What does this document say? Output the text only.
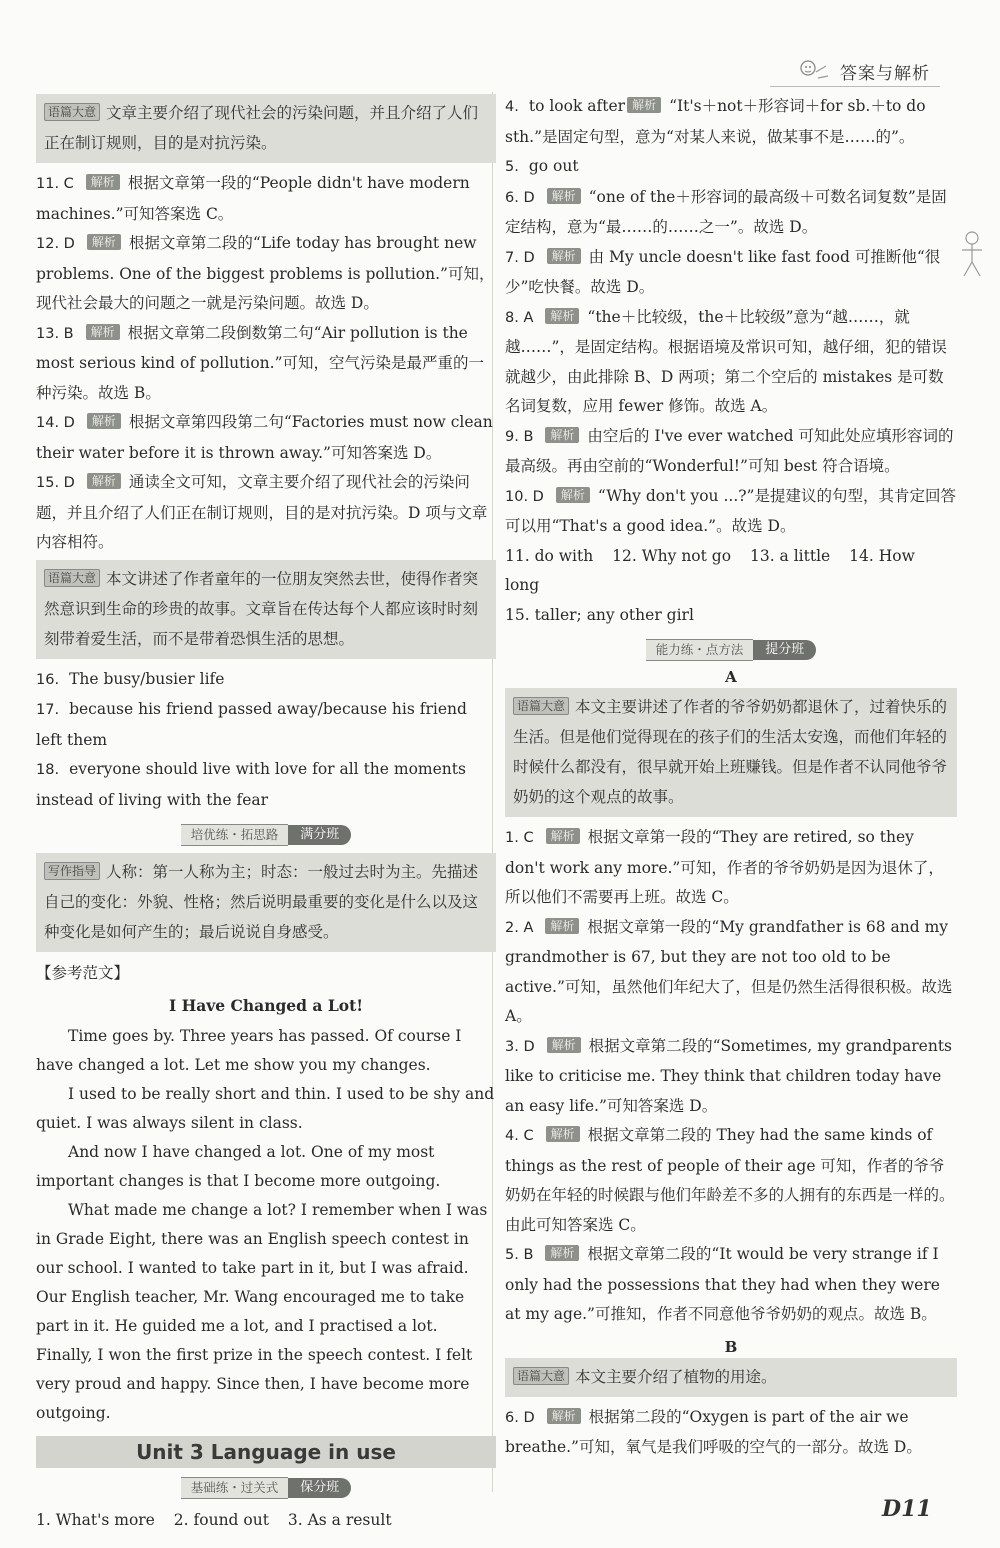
答案与解析
语篇大意 文章主要介绍了现代社会的污染问题，并且介绍了人们正在制订规则，目的是对抗污染。

11. C 解析 根据文章第一段的“People didn't have modern machines.”可知答案选 C。

12. D 解析 根据文章第二段的“Life today has brought new problems. One of the biggest problems is pollution.”可知，现代社会最大的问题之一就是污染问题。故选 D。

13. B 解析 根据文章第二段倒数第二句“Air pollution is the most serious kind of pollution.”可知，空气污染是最严重的一种污染。故选 B。

14. D 解析 根据文章第四段第二句“Factories must now clean their water before it is thrown away.”可知答案选 D。

15. D 解析 通读全文可知，文章主要介绍了现代社会的污染问题，并且介绍了人们正在制订规则，目的是对抗污染。D 项与文章内容相符。

语篇大意 本文讲述了作者童年的一位朋友突然去世，使得作者突然意识到生命的珍贵的故事。文章旨在传达每个人都应该时时刻刻带着爱生活，而不是带着恐惧生活的思想。

16. The busy/busier life

17. because his friend passed away/because his friend left them

18. everyone should live with love for all the moments instead of living with the fear

培优练・拓思路	满分班
写作指导 人称：第一人称为主；时态：一般过去时为主。先描述自己的变化：外貌、性格；然后说明最重要的变化是什么以及这种变化是如何产生的；最后说说自身感受。

【参考范文】

I Have Changed a Lot!

Time goes by. Three years has passed. Of course I have changed a lot. Let me show you my changes.

I used to be really short and thin. I used to be shy and quiet. I was always silent in class.

And now I have changed a lot. One of my most important changes is that I become more outgoing.

What made me change a lot? I remember when I was in Grade Eight, there was an English speech contest in our school. I wanted to take part in it, but I was afraid. Our English teacher, Mr. Wang encouraged me to take part in it. He guided me a lot, and I practised a lot. Finally, I won the first prize in the speech contest. I felt very proud and happy. Since then, I have become more outgoing.

Unit 3 Language in use
基础练・过关式	保分班

1. What's more 2. found out 3. As a result

4. to look after 解析 “It's＋not＋形容词＋for sb.＋to do sth.”是固定句型，意为“对某人来说，做某事不是……的”。

5. go out

6. D 解析 “one of the＋形容词的最高级＋可数名词复数”是固定结构，意为“最……的……之一”。故选 D。

7. D 解析 由 My uncle doesn't like fast food 可推断他“很少”吃快餐。故选 D。

8. A 解析 “the＋比较级，the＋比较级”意为“越……，就越……”，是固定结构。根据语境及常识可知，越仔细，犯的错误就越少，由此排除 B、D 两项；第二个空后的 mistakes 是可数名词复数，应用 fewer 修饰。故选 A。

9. B 解析 由空后的 I've ever watched 可知此处应填形容词的最高级。再由空前的“Wonderful!”可知 best 符合语境。

10. D 解析 “Why don't you ...?”是提建议的句型，其肯定回答可以用“That's a good idea.”。故选 D。

11. do with 12. Why not go 13. a little 14. How long

15. taller; any other girl

能力练・点方法	提分班
A
语篇大意 本文主要讲述了作者的爷爷奶奶都退休了，过着快乐的生活。但是他们觉得现在的孩子们的生活太安逸，而他们年轻的时候什么都没有，很早就开始上班赚钱。但是作者不认同他爷爷奶奶的这个观点的故事。

1. C 解析 根据文章第一段的“They are retired, so they don't work any more.”可知，作者的爷爷奶奶是因为退休了，所以他们不需要再上班。故选 C。

2. A 解析 根据文章第一段的“My grandfather is 68 and my grandmother is 67, but they are not too old to be active.”可知，虽然他们年纪大了，但是仍然生活得很积极。故选 A。

3. D 解析 根据文章第二段的“Sometimes, my grandparents like to criticise me. They think that children today have an easy life.”可知答案选 D。

4. C 解析 根据文章第二段的 They had the same kinds of things as the rest of people of their age 可知，作者的爷爷奶奶在年轻的时候跟与他们年龄差不多的人拥有的东西是一样的。由此可知答案选 C。

5. B 解析 根据文章第二段的“It would be very strange if I only had the possessions that they had when they were at my age.”可推知，作者不同意他爷爷奶奶的观点。故选 B。

B
语篇大意 本文主要介绍了植物的用途。

6. D 解析 根据第二段的“Oxygen is part of the air we breathe.”可知，氧气是我们呼吸的空气的一部分。故选 D。

D11
